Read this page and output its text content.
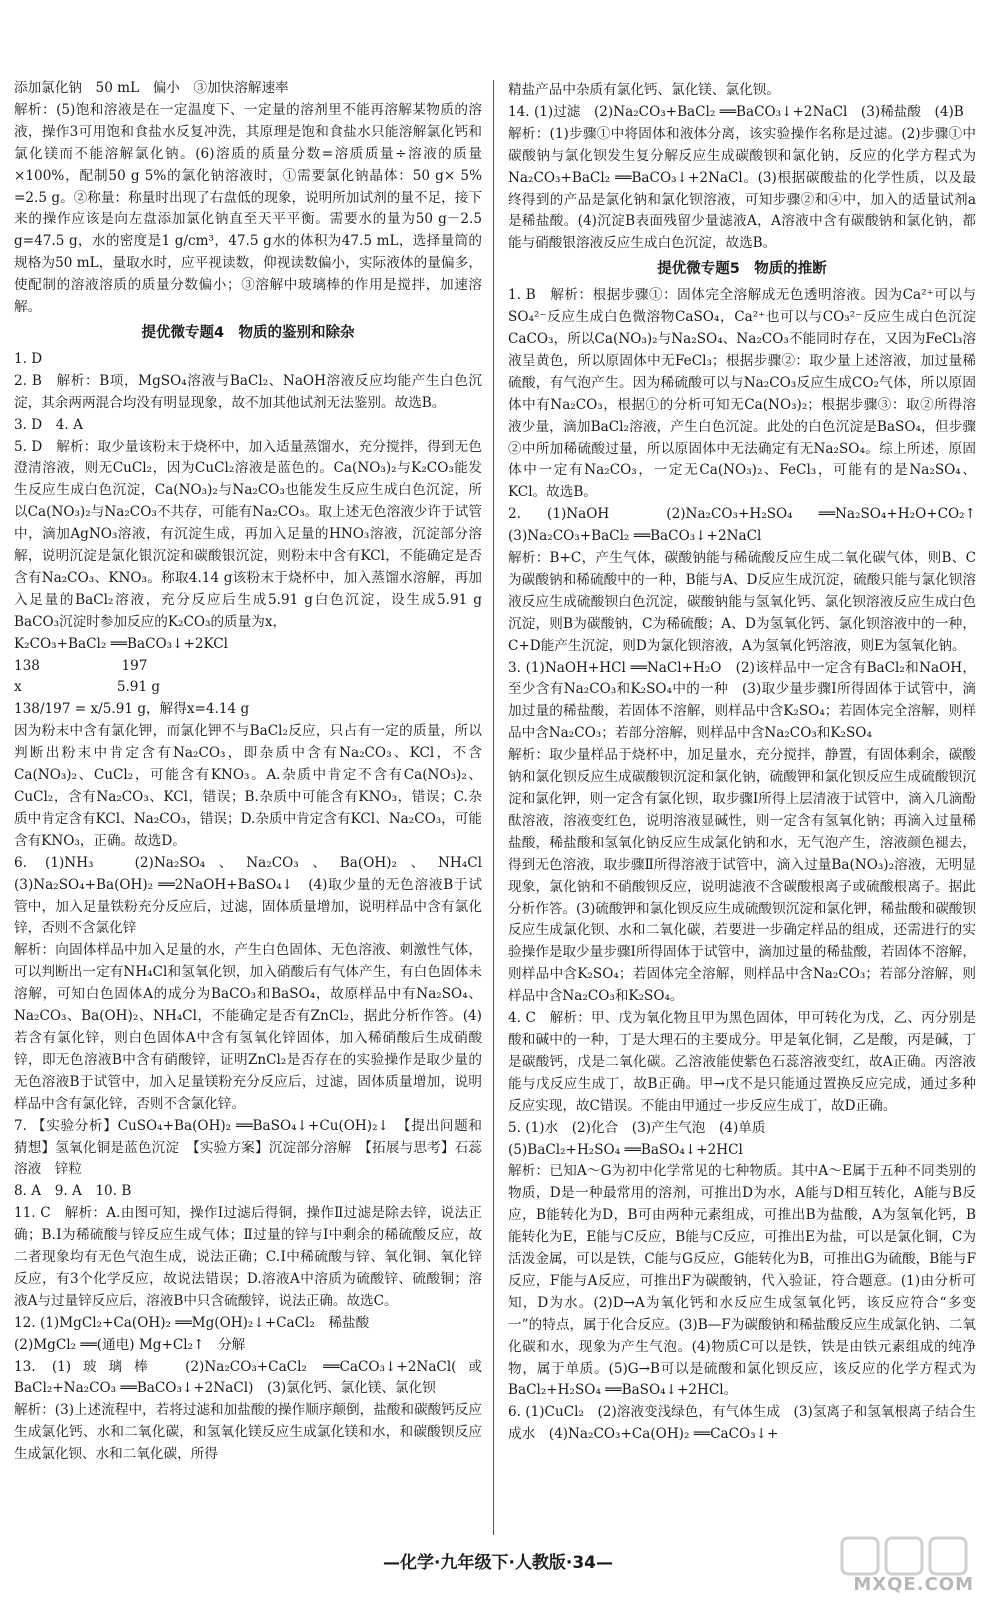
添加氯化钠　50 mL　偏小　③加快溶解速率

解析：(5)饱和溶液是在一定温度下、一定量的溶剂里不能再溶解某物质的溶液，操作3可用饱和食盐水反复冲洗，其原理是饱和食盐水只能溶解氯化钙和氯化镁而不能溶解氯化钠。(6)溶质的质量分数=溶质质量÷溶液的质量×100%，配制50 g 5%的氯化钠溶液时，①需要氯化钠晶体：50 g× 5% =2.5 g。②称量：称量时出现了右盘低的现象，说明所加试剂的量不足，接下来的操作应该是向左盘添加氯化钠直至天平平衡。需要水的量为50 g－2.5 g=47.5 g，水的密度是1 g/cm³，47.5 g水的体积为47.5 mL，选择量筒的规格为50 mL，量取水时，应平视读数，仰视读数偏小，实际液体的量偏多，使配制的溶液溶质的质量分数偏小；③溶解中玻璃棒的作用是搅拌，加速溶解。

提优微专题4　物质的鉴别和除杂

1. D

2. B　解析：B项，MgSO₄溶液与BaCl₂、NaOH溶液反应均能产生白色沉淀，其余两两混合均没有明显现象，故不加其他试剂无法鉴别。故选B。

3. D　4. A

5. D　解析：取少量该粉末于烧杯中，加入适量蒸馏水，充分搅拌，得到无色澄清溶液，则无CuCl₂，因为CuCl₂溶液是蓝色的。Ca(NO₃)₂与K₂CO₃能发生反应生成白色沉淀，Ca(NO₃)₂与Na₂CO₃也能发生反应生成白色沉淀，所以Ca(NO₃)₂与Na₂CO₃不共存，可能有Na₂CO₃。取上述无色溶液少许于试管中，滴加AgNO₃溶液，有沉淀生成，再加入足量的HNO₃溶液，沉淀部分溶解，说明沉淀是氯化银沉淀和碳酸银沉淀，则粉末中含有KCl，不能确定是否含有Na₂CO₃、KNO₃。称取4.14 g该粉末于烧杯中，加入蒸馏水溶解，再加入足量的BaCl₂溶液，充分反应后生成5.91 g白色沉淀，设生成5.91 g BaCO₃沉淀时参加反应的K₂CO₃的质量为x，

K₂CO₃+BaCl₂ ══BaCO₃↓+2KCl

138　　　　　　197

x　　　　　　　5.91 g

138/197 = x/5.91 g，解得x=4.14 g

因为粉末中含有氯化钾，而氯化钾不与BaCl₂反应，只占有一定的质量，所以判断出粉末中肯定含有Na₂CO₃，即杂质中含有Na₂CO₃、KCl，不含Ca(NO₃)₂、CuCl₂，可能含有KNO₃。A.杂质中肯定不含有Ca(NO₃)₂、CuCl₂，含有Na₂CO₃、KCl，错误；B.杂质中可能含有KNO₃，错误；C.杂质中肯定含有KCl、Na₂CO₃，错误；D.杂质中肯定含有KCl、Na₂CO₃，可能含有KNO₃，正确。故选D。

6. (1)NH₃　(2)Na₂SO₄、Na₂CO₃、Ba(OH)₂、NH₄Cl　(3)Na₂SO₄+Ba(OH)₂ ══2NaOH+BaSO₄↓　(4)取少量的无色溶液B于试管中，加入足量铁粉充分反应后，过滤，固体质量增加，说明样品中含有氯化锌，否则不含氯化锌

解析：向固体样品中加入足量的水，产生白色固体、无色溶液、刺激性气体，可以判断出一定有NH₄Cl和氢氧化钡，加入硝酸后有气体产生，有白色固体未溶解，可知白色固体A的成分为BaCO₃和BaSO₄，故原样品中有Na₂SO₄、Na₂CO₃、Ba(OH)₂、NH₄Cl，不能确定是否有ZnCl₂，据此分析作答。(4)若含有氯化锌，则白色固体A中含有氢氧化锌固体，加入稀硝酸后生成硝酸锌，即无色溶液B中含有硝酸锌，证明ZnCl₂是否存在的实验操作是取少量的无色溶液B于试管中，加入足量镁粉充分反应后，过滤，固体质量增加，说明样品中含有氯化锌，否则不含氯化锌。

7. 【实验分析】CuSO₄+Ba(OH)₂ ══BaSO₄↓+Cu(OH)₂↓　【提出问题和猜想】氢氧化铜是蓝色沉淀　【实验方案】沉淀部分溶解　【拓展与思考】石蕊溶液　锌粒

8. A　9. A　10. B

11. C　解析：A.由图可知，操作Ⅰ过滤后得铜，操作Ⅱ过滤是除去锌，说法正确；B.Ⅰ为稀硫酸与锌反应生成气体；Ⅱ过量的锌与Ⅰ中剩余的稀硫酸反应，故二者现象均有无色气泡生成，说法正确；C.Ⅰ中稀硫酸与锌、氧化铜、氧化锌反应，有3个化学反应，故说法错误；D.溶液A中溶质为硫酸锌、硫酸铜；溶液A与过量锌反应后，溶液B中只含硫酸锌，说法正确。故选C。

12. (1)MgCl₂+Ca(OH)₂ ══Mg(OH)₂↓+CaCl₂　稀盐酸

(2)MgCl₂ ══(通电) Mg+Cl₂↑　分解

13. (1)玻璃棒　(2)Na₂CO₃+CaCl₂ ══CaCO₃↓+2NaCl(或BaCl₂+Na₂CO₃ ══BaCO₃↓+2NaCl)　(3)氯化钙、氯化镁、氯化钡

解析：(3)上述流程中，若将过滤和加盐酸的操作顺序颠倒，盐酸和碳酸钙反应生成氯化钙、水和二氧化碳，和氢氧化镁反应生成氯化镁和水，和碳酸钡反应生成氯化钡、水和二氧化碳，所得

精盐产品中杂质有氯化钙、氯化镁、氯化钡。

14. (1)过滤　(2)Na₂CO₃+BaCl₂ ══BaCO₃↓+2NaCl　(3)稀盐酸　(4)B

解析：(1)步骤①中将固体和液体分离，该实验操作名称是过滤。(2)步骤①中碳酸钠与氯化钡发生复分解反应生成碳酸钡和氯化钠，反应的化学方程式为Na₂CO₃+BaCl₂ ══BaCO₃↓+2NaCl。(3)根据碳酸盐的化学性质，以及最终得到的产品是氯化钠和氯化钡溶液，可知步骤②和④中，加入的适量试剂a是稀盐酸。(4)沉淀B表面残留少量滤液A，A溶液中含有碳酸钠和氯化钠，都能与硝酸银溶液反应生成白色沉淀，故选B。

提优微专题5　物质的推断

1. B　解析：根据步骤①：固体完全溶解成无色透明溶液。因为Ca²⁺可以与SO₄²⁻反应生成白色微溶物CaSO₄，Ca²⁺也可以与CO₃²⁻反应生成白色沉淀CaCO₃，所以Ca(NO₃)₂与Na₂SO₄、Na₂CO₃不能同时存在，又因为FeCl₃溶液呈黄色，所以原固体中无FeCl₃；根据步骤②：取少量上述溶液，加过量稀硫酸，有气泡产生。因为稀硫酸可以与Na₂CO₃反应生成CO₂气体，所以原固体中有Na₂CO₃，根据①的分析可知无Ca(NO₃)₂；根据步骤③：取②所得溶液少量，滴加BaCl₂溶液，产生白色沉淀。此处的白色沉淀是BaSO₄，但步骤②中所加稀硫酸过量，所以原固体中无法确定有无Na₂SO₄。综上所述，原固体中一定有Na₂CO₃，一定无Ca(NO₃)₂、FeCl₃，可能有的是Na₂SO₄、KCl。故选B。

2. (1)NaOH　(2)Na₂CO₃+H₂SO₄ ══Na₂SO₄+H₂O+CO₂↑　(3)Na₂CO₃+BaCl₂ ══BaCO₃↓+2NaCl

解析：B+C，产生气体，碳酸钠能与稀硫酸反应生成二氧化碳气体，则B、C为碳酸钠和稀硫酸中的一种，B能与A、D反应生成沉淀，硫酸只能与氯化钡溶液反应生成硫酸钡白色沉淀，碳酸钠能与氢氧化钙、氯化钡溶液反应生成白色沉淀，则B为碳酸钠，C为稀硫酸；A、D为氢氧化钙、氯化钡溶液中的一种，C+D能产生沉淀，则D为氯化钡溶液，A为氢氧化钙溶液，则E为氢氧化钠。

3. (1)NaOH+HCl ══NaCl+H₂O　(2)该样品中一定含有BaCl₂和NaOH，至少含有Na₂CO₃和K₂SO₄中的一种　(3)取少量步骤Ⅰ所得固体于试管中，滴加过量的稀盐酸，若固体不溶解，则样品中含K₂SO₄；若固体完全溶解，则样品中含Na₂CO₃；若部分溶解，则样品中含Na₂CO₃和K₂SO₄

解析：取少量样品于烧杯中，加足量水，充分搅拌，静置，有固体剩余，碳酸钠和氯化钡反应生成碳酸钡沉淀和氯化钠，硫酸钾和氯化钡反应生成硫酸钡沉淀和氯化钾，则一定含有氯化钡，取步骤Ⅰ所得上层清液于试管中，滴入几滴酚酞溶液，溶液变红色，说明溶液显碱性，则一定含有氢氧化钠；再滴入过量稀盐酸，稀盐酸和氢氧化钠反应生成氯化钠和水，无气泡产生，溶液颜色褪去，得到无色溶液，取步骤Ⅱ所得溶液于试管中，滴入过量Ba(NO₃)₂溶液，无明显现象，氯化钠和不硝酸钡反应，说明滤液不含碳酸根离子或硫酸根离子。据此分析作答。(3)硫酸钾和氯化钡反应生成硫酸钡沉淀和氯化钾，稀盐酸和碳酸钡反应生成氯化钡、水和二氧化碳，若要进一步确定样品的组成，还需进行的实验操作是取少量步骤Ⅰ所得固体于试管中，滴加过量的稀盐酸，若固体不溶解，则样品中含K₂SO₄；若固体完全溶解，则样品中含Na₂CO₃；若部分溶解，则样品中含Na₂CO₃和K₂SO₄。

4. C　解析：甲、戊为氧化物且甲为黑色固体，甲可转化为戊，乙、丙分别是酸和碱中的一种，丁是大理石的主要成分。甲是氧化铜，乙是酸，丙是碱，丁是碳酸钙，戊是二氧化碳。乙溶液能使紫色石蕊溶液变红，故A正确。丙溶液能与戊反应生成丁，故B正确。甲→戊不是只能通过置换反应完成，通过多种反应实现，故C错误。不能由甲通过一步反应生成丁，故D正确。

5. (1)水　(2)化合　(3)产生气泡　(4)单质

(5)BaCl₂+H₂SO₄ ══BaSO₄↓+2HCl

解析：已知A～G为初中化学常见的七种物质。其中A～E属于五种不同类别的物质，D是一种最常用的溶剂，可推出D为水，A能与D相互转化，A能与B反应，B能转化为D，B可由两种元素组成，可推出B为盐酸，A为氢氧化钙，B能转化为E，E能与C反应，B能与C反应，可推出E为盐，可以是氯化铜，C为活泼金属，可以是铁，C能与G反应，G能转化为B，可推出G为硫酸，B能与F反应，F能与A反应，可推出F为碳酸钠，代入验证，符合题意。(1)由分析可知，D为水。(2)D→A为氧化钙和水反应生成氢氧化钙，该反应符合“多变一”的特点，属于化合反应。(3)B—F为碳酸钠和稀盐酸反应生成氯化钠、二氧化碳和水，现象为产生气泡。(4)物质C可以是铁，铁是由铁元素组成的纯净物，属于单质。(5)G→B可以是硫酸和氯化钡反应，该反应的化学方程式为BaCl₂+H₂SO₄ ══BaSO₄↓+2HCl。

6. (1)CuCl₂　(2)溶液变浅绿色，有气体生成　(3)氢离子和氢氧根离子结合生成水　(4)Na₂CO₃+Ca(OH)₂ ══CaCO₃↓+

—化学·九年级下·人教版·34—
MXQE.COM
